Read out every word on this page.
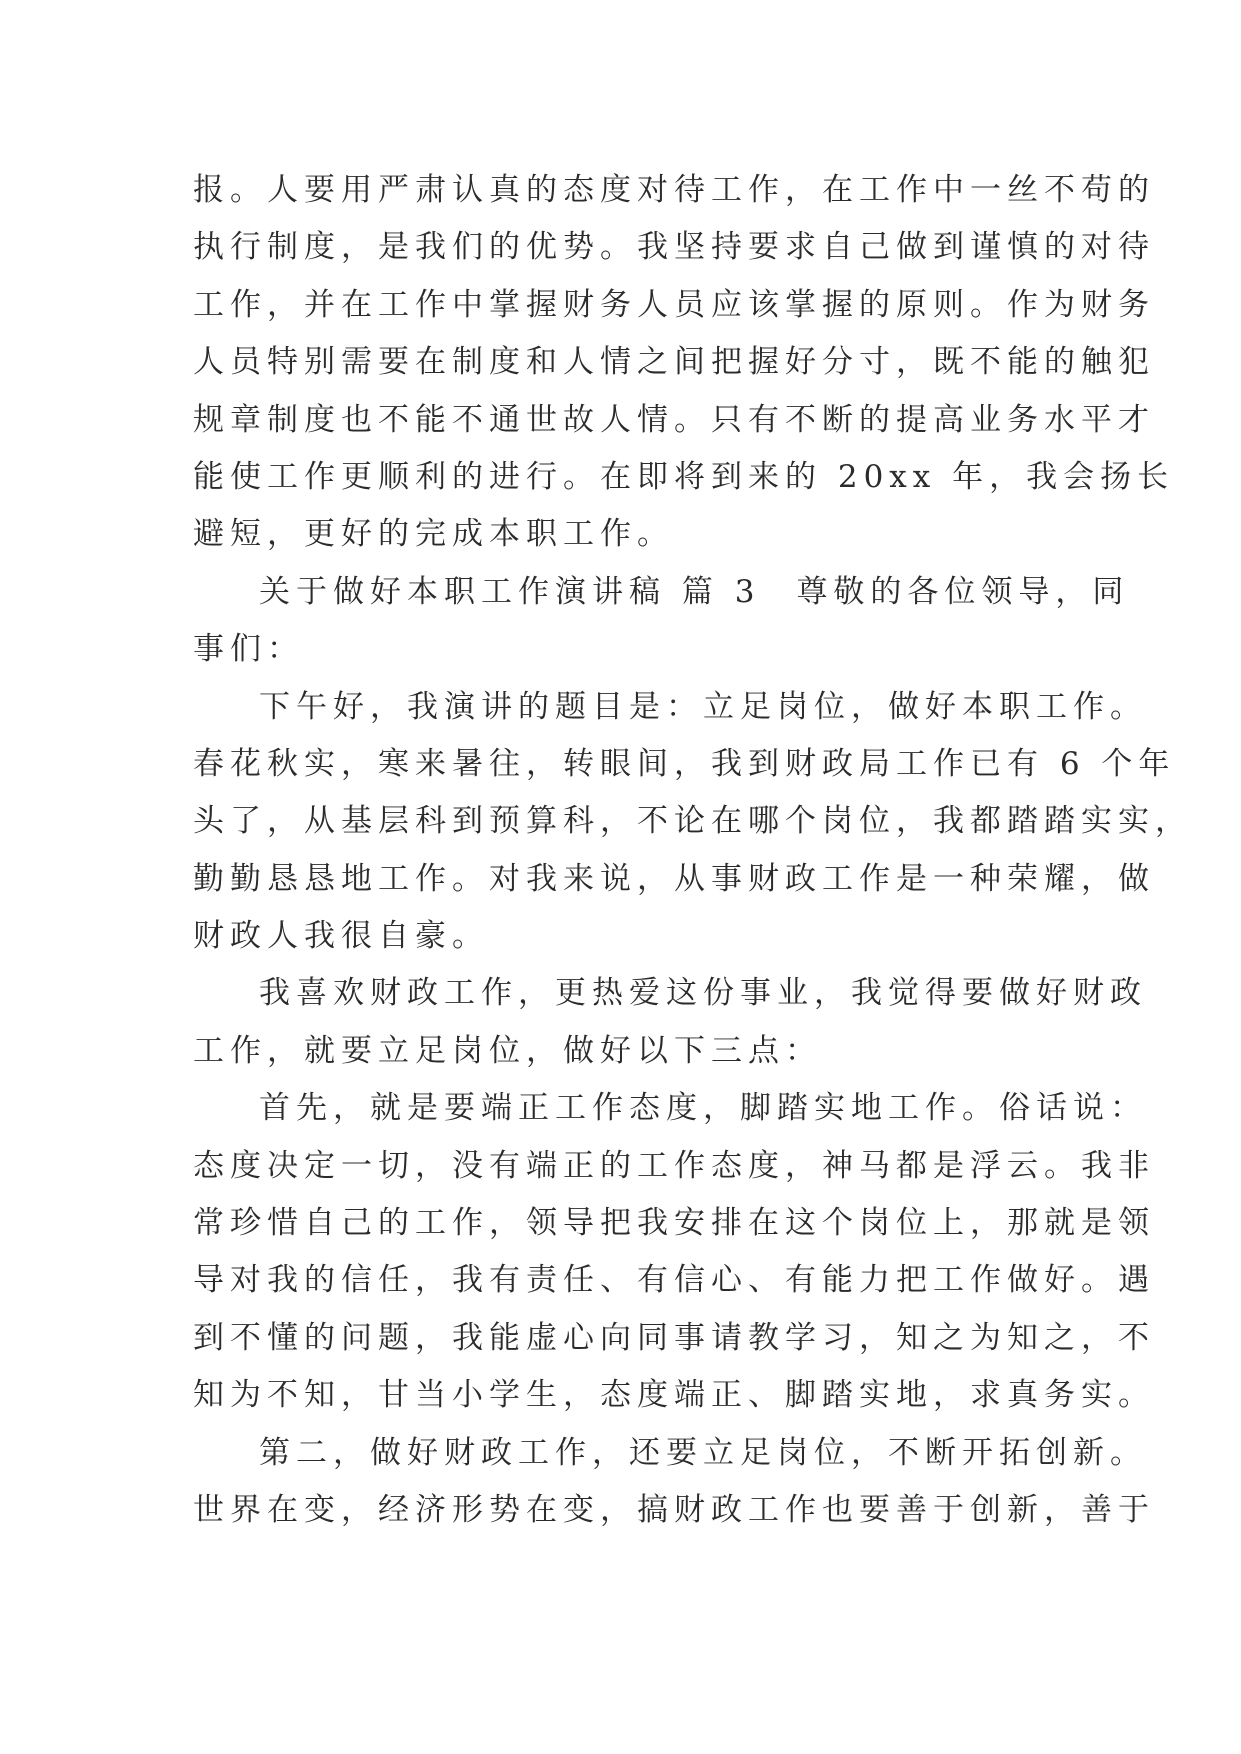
报。人要用严肃认真的态度对待工作，在工作中一丝不苟的
执行制度，是我们的优势。我坚持要求自己做到谨慎的对待
工作，并在工作中掌握财务人员应该掌握的原则。作为财务
人员特别需要在制度和人情之间把握好分寸，既不能的触犯
规章制度也不能不通世故人情。只有不断的提高业务水平才
能使工作更顺利的进行。在即将到来的 20xx 年，我会扬长
避短，更好的完成本职工作。
关于做好本职工作演讲稿 篇 3 尊敬的各位领导，同
事们：
下午好，我演讲的题目是：立足岗位，做好本职工作。
春花秋实，寒来暑往，转眼间，我到财政局工作已有 6 个年
头了，从基层科到预算科，不论在哪个岗位，我都踏踏实实，
勤勤恳恳地工作。对我来说，从事财政工作是一种荣耀，做
财政人我很自豪。
我喜欢财政工作，更热爱这份事业，我觉得要做好财政
工作，就要立足岗位，做好以下三点：
首先，就是要端正工作态度，脚踏实地工作。俗话说：
态度决定一切，没有端正的工作态度，神马都是浮云。我非
常珍惜自己的工作，领导把我安排在这个岗位上，那就是领
导对我的信任，我有责任、有信心、有能力把工作做好。遇
到不懂的问题，我能虚心向同事请教学习，知之为知之，不
知为不知，甘当小学生，态度端正、脚踏实地，求真务实。
第二，做好财政工作，还要立足岗位，不断开拓创新。
世界在变，经济形势在变，搞财政工作也要善于创新，善于
